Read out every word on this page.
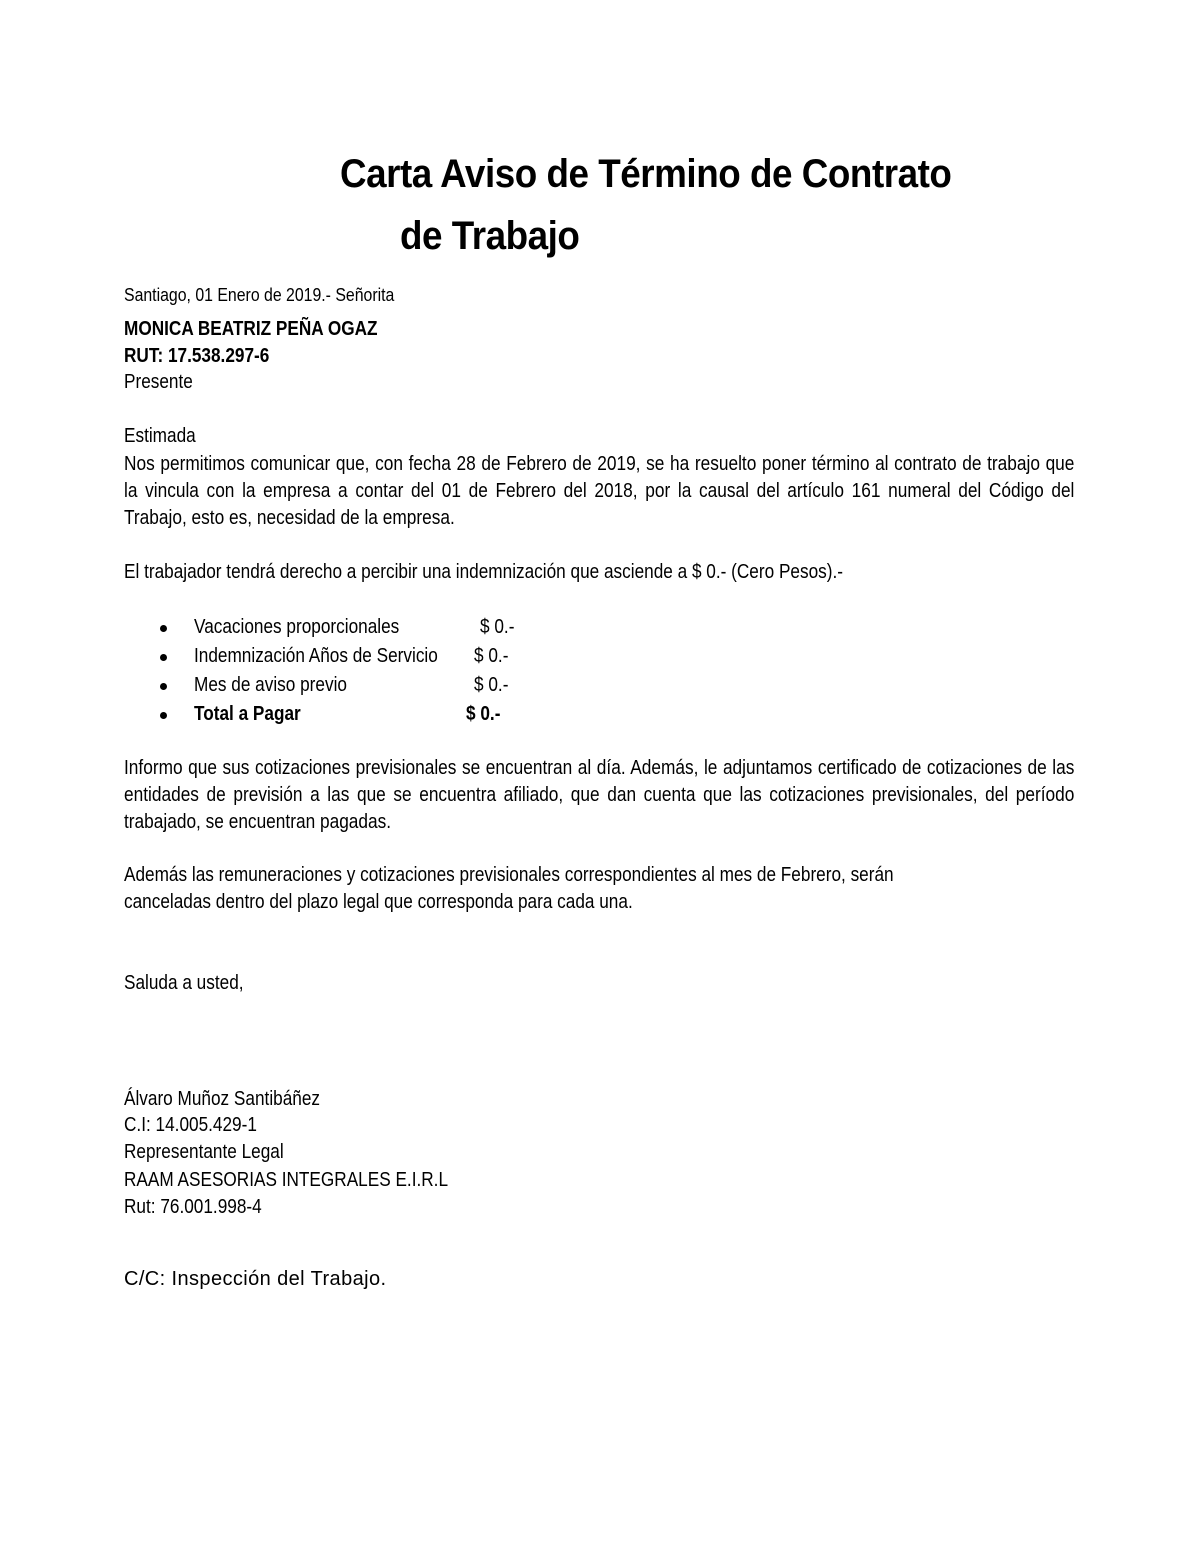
Carta Aviso de Término de Contrato
de Trabajo
Santiago, 01 Enero de 2019.- Señorita
MONICA BEATRIZ PEÑA OGAZ
RUT: 17.538.297-6
Presente
Estimada

Nos permitimos comunicar que, con fecha 28 de Febrero de 2019, se ha resuelto poner término al contrato de trabajo que la vincula con la empresa a contar del 01 de Febrero del 2018, por la causal del artículo 161 numeral del Código del Trabajo, esto es, necesidad de la empresa.

El trabajador tendrá derecho a percibir una indemnización que asciende a $ 0.- (Cero Pesos).-
Vacaciones proporcionales	$ 0.-
Indemnización Años de Servicio $ 0.-
Mes de aviso previo	$ 0.-
Total a Pagar	$ 0.-

Informo que sus cotizaciones previsionales se encuentran al día. Además, le adjuntamos certificado de cotizaciones de las entidades de previsión a las que se encuentra afiliado, que dan cuenta que las cotizaciones previsionales, del período trabajado, se encuentran pagadas.

Además las remuneraciones y cotizaciones previsionales correspondientes al mes de Febrero, serán
canceladas dentro del plazo legal que corresponda para cada una.
Saluda a usted,
Álvaro Muñoz Santibáñez
C.I: 14.005.429-1
Representante Legal
RAAM ASESORIAS INTEGRALES E.I.R.L
Rut: 76.001.998-4
C/C: Inspección del Trabajo.
